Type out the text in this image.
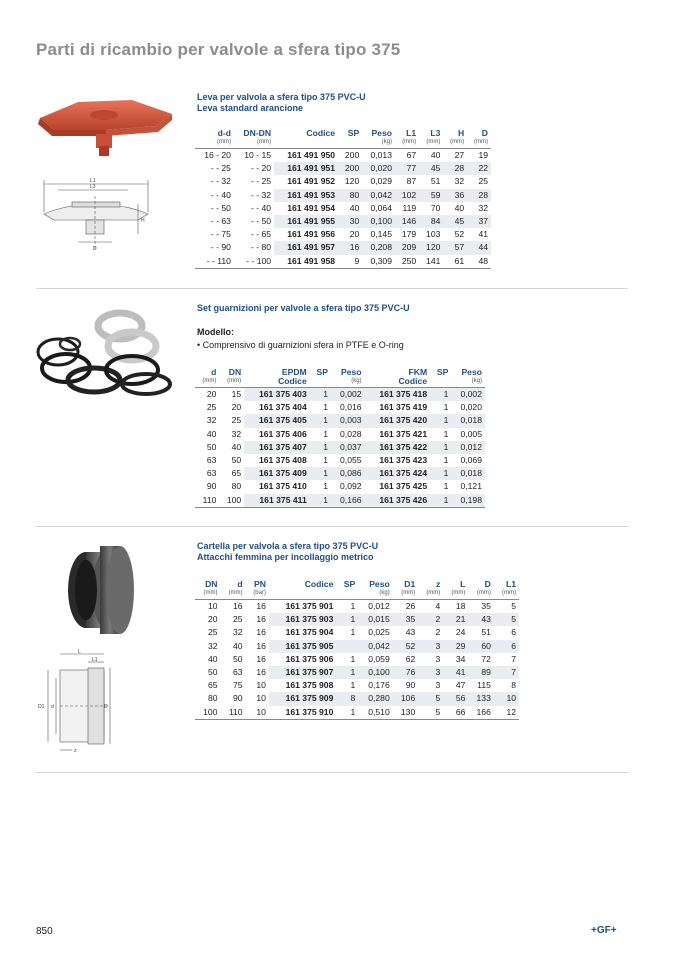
Parti di ricambio per valvole a sfera tipo 375
L1
L3
H
D
Leva per valvola a sfera tipo 375 PVC-U
Leva standard arancione
d-d	DN-DN	Codice	SP	Peso	L1	L3	H	D
(mm)	(mm)			(kg)	(mm)	(mm)	(mm)	(mm)
16 - 20	10 - 15	161 491 950	200	0,013	67	40	27	19
- - 25	- - 20	161 491 951	200	0,020	77	45	28	22
- - 32	- - 25	161 491 952	120	0,029	87	51	32	25
- - 40	- - 32	161 491 953	80	0,042	102	59	36	28
- - 50	- - 40	161 491 954	40	0,064	119	70	40	32
- - 63	- - 50	161 491 955	30	0,100	146	84	45	37
- - 75	- - 65	161 491 956	20	0,145	179	103	52	41
- - 90	- - 80	161 491 957	16	0,208	209	120	57	44
- - 110	- - 100	161 491 958	9	0,309	250	141	61	48
Set guarnizioni per valvole a sfera tipo 375 PVC-U
Modello:
• Comprensivo di guarnizioni sfera in PTFE e O-ring
d	DN	EPDM	SP	Peso	FKM	SP	Peso
(mm)	(mm)	Codice		(kg)	Codice		(kg)
20	15	161 375 403	1	0,002	161 375 418	1	0,002
25	20	161 375 404	1	0,016	161 375 419	1	0,020
32	25	161 375 405	1	0,003	161 375 420	1	0,018
40	32	161 375 406	1	0,028	161 375 421	1	0,005
50	40	161 375 407	1	0,037	161 375 422	1	0,012
63	50	161 375 408	1	0,055	161 375 423	1	0,069
63	65	161 375 409	1	0,086	161 375 424	1	0,018
90	80	161 375 410	1	0,092	161 375 425	1	0,121
110	100	161 375 411	1	0,166	161 375 426	1	0,198
L
L1
D1 d	D
z
Cartella per valvola a sfera tipo 375 PVC-U
Attacchi femmina per incollaggio metrico
DN	d	PN	Codice	SP	Peso	D1	z	L	D	L1
(mm)	(mm)	(bar)			(kg)	(mm)	(mm)	(mm)	(mm)	(mm)
10	16	16	161 375 901	1	0,012	26	4	18	35	5
20	25	16	161 375 903	1	0,015	35	2	21	43	5
25	32	16	161 375 904	1	0,025	43	2	24	51	6
32	40	16	161 375 905		0,042	52	3	29	60	6
40	50	16	161 375 906	1	0,059	62	3	34	72	7
50	63	16	161 375 907	1	0,100	76	3	41	89	7
65	75	10	161 375 908	1	0,176	90	3	47	115	8
80	90	10	161 375 909	8	0,280	106	5	56	133	10
100	110	10	161 375 910	1	0,510	130	5	66	166	12
850	+GF+
